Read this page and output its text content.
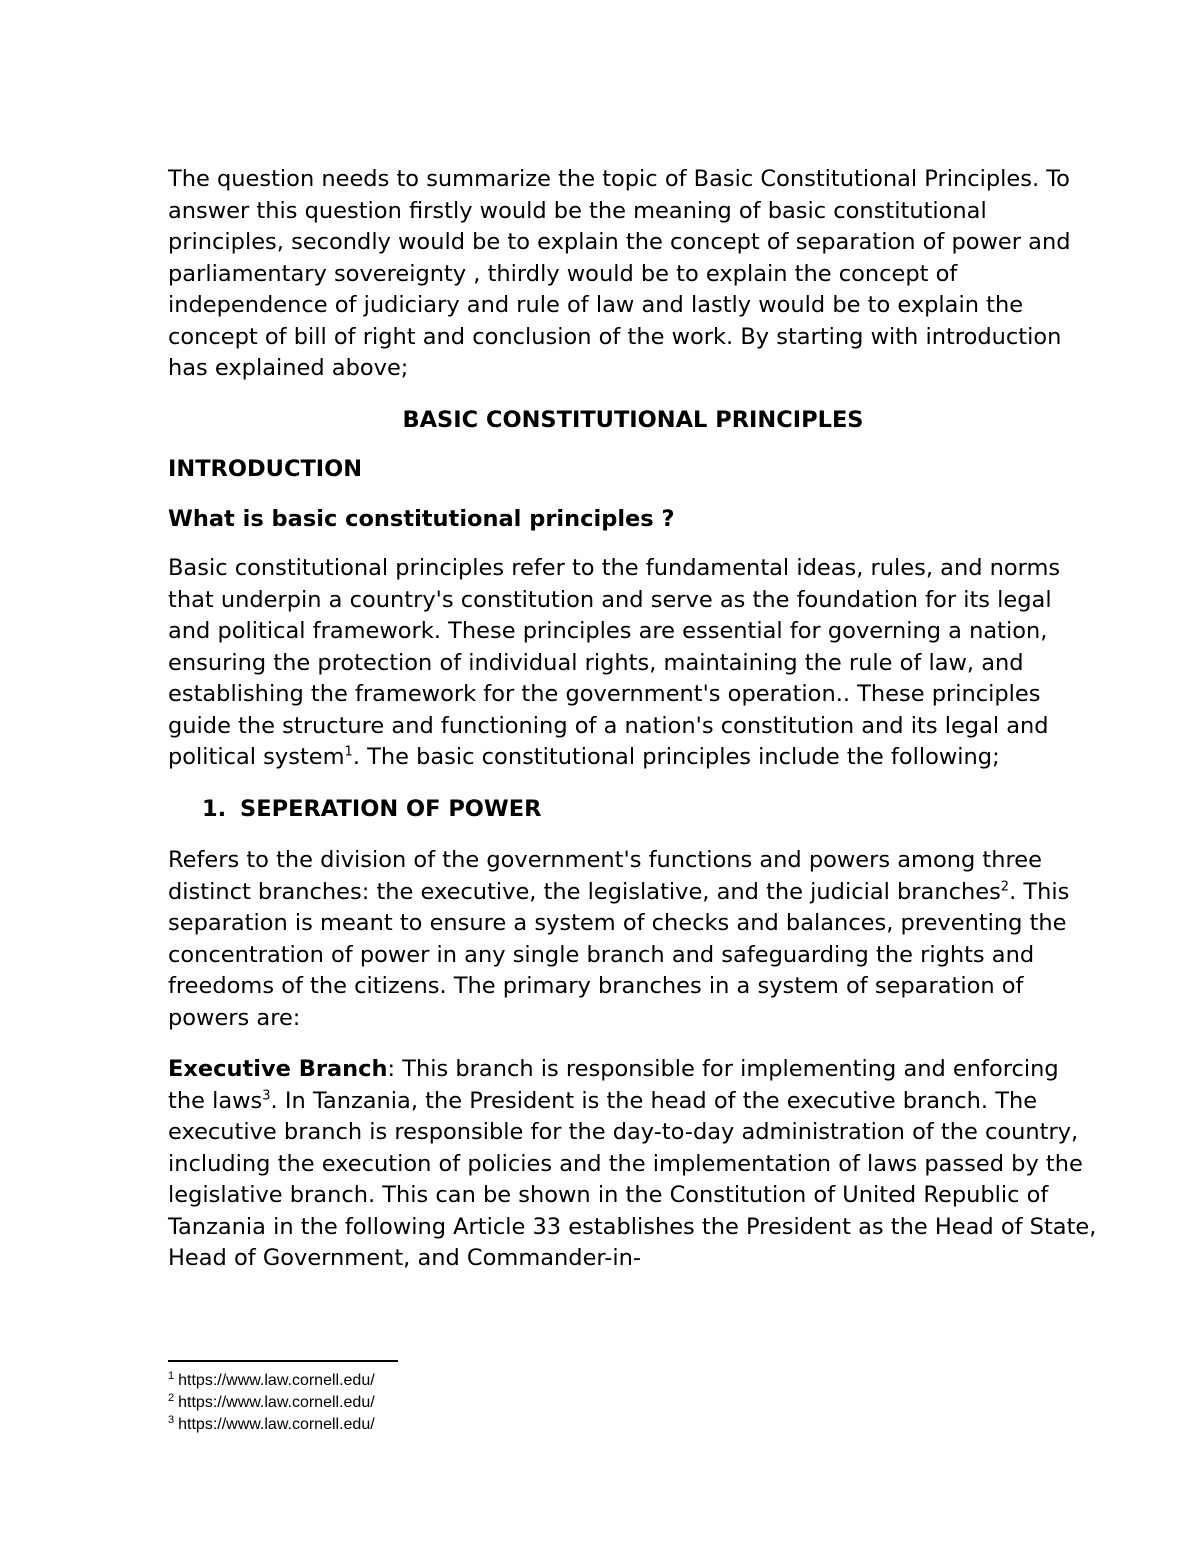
The question needs to summarize the topic of Basic Constitutional Principles. To answer this question firstly would be the meaning of basic constitutional principles, secondly would be to explain the concept of separation of power and parliamentary sovereignty , thirdly would be to explain the concept of independence of judiciary and rule of law and lastly would be to explain the concept of bill of right and conclusion of the work. By starting with introduction has explained above;

BASIC CONSTITUTIONAL PRINCIPLES
INTRODUCTION
What is basic constitutional principles ?

Basic constitutional principles refer to the fundamental ideas, rules, and norms that underpin a country's constitution and serve as the foundation for its legal and political framework. These principles are essential for governing a nation, ensuring the protection of individual rights, maintaining the rule of law, and establishing the framework for the government's operation.. These principles guide the structure and functioning of a nation's constitution and its legal and political system$^1$. The basic constitutional principles include the following;

1. SEPERATION OF POWER

Refers to the division of the government's functions and powers among three distinct branches: the executive, the legislative, and the judicial branches$^2$. This separation is meant to ensure a system of checks and balances, preventing the concentration of power in any single branch and safeguarding the rights and freedoms of the citizens. The primary branches in a system of separation of powers are:

Executive Branch: This branch is responsible for implementing and enforcing the laws$^3$. In Tanzania, the President is the head of the executive branch. The executive branch is responsible for the day-to-day administration of the country, including the execution of policies and the implementation of laws passed by the legislative branch. This can be shown in the Constitution of United Republic of Tanzania in the following Article 33 establishes the President as the Head of State, Head of Government, and Commander-in-

$^1$ https://www.law.cornell.edu/
$^2$ https://www.law.cornell.edu/
$^3$ https://www.law.cornell.edu/
